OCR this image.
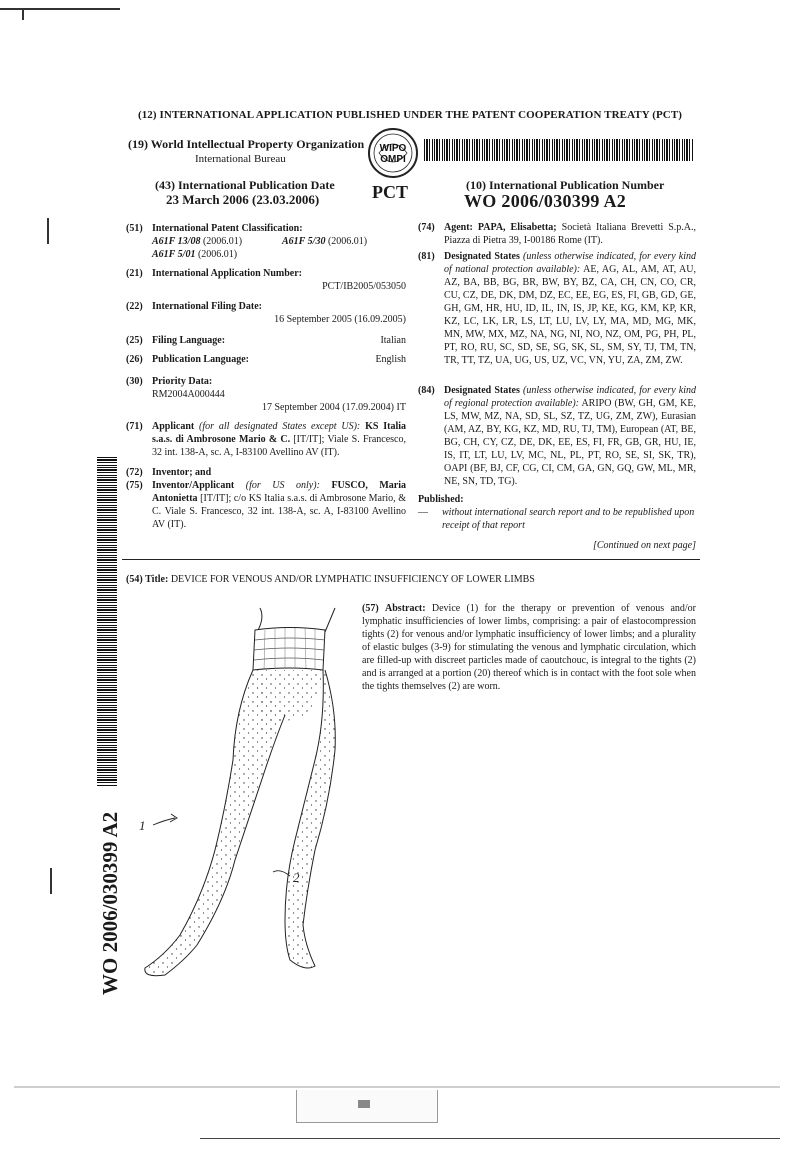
(12) INTERNATIONAL APPLICATION PUBLISHED UNDER THE PATENT COOPERATION TREATY (PCT)
(19) World Intellectual Property Organization
International Bureau
WIPO
OMPI
(43) International Publication Date
23 March 2006 (23.03.2006)	PCT	(10) International Publication Number
WO 2006/030399 A2
(51) International Patent Classification:
A61F 13/08 (2006.01)	A61F 5/30 (2006.01)
A61F 5/01 (2006.01)
(21) International Application Number:
PCT/IB2005/053050
(22) International Filing Date:
16 September 2005 (16.09.2005)
(25) Filing Language:	Italian
(26) Publication Language:	English
(30) Priority Data:
RM2004A000444
17 September 2004 (17.09.2004) IT
(71) Applicant (for all designated States except US): KS Italia s.a.s. di Ambrosone Mario & C. [IT/IT]; Viale S. Francesco, 32 int. 138-A, sc. A, I-83100 Avellino AV (IT).
(72) Inventor; and
(75) Inventor/Applicant (for US only): FUSCO, Maria Antonietta [IT/IT]; c/o KS Italia s.a.s. di Ambrosone Mario, & C. Viale S. Francesco, 32 int. 138-A, sc. A, I-83100 Avellino AV (IT).
(74) Agent: PAPA, Elisabetta; Società Italiana Brevetti S.p.A., Piazza di Pietra 39, I-00186 Rome (IT).
(81) Designated States (unless otherwise indicated, for every kind of national protection available): AE, AG, AL, AM, AT, AU, AZ, BA, BB, BG, BR, BW, BY, BZ, CA, CH, CN, CO, CR, CU, CZ, DE, DK, DM, DZ, EC, EE, EG, ES, FI, GB, GD, GE, GH, GM, HR, HU, ID, IL, IN, IS, JP, KE, KG, KM, KP, KR, KZ, LC, LK, LR, LS, LT, LU, LV, LY, MA, MD, MG, MK, MN, MW, MX, MZ, NA, NG, NI, NO, NZ, OM, PG, PH, PL, PT, RO, RU, SC, SD, SE, SG, SK, SL, SM, SY, TJ, TM, TN, TR, TT, TZ, UA, UG, US, UZ, VC, VN, YU, ZA, ZM, ZW.
(84) Designated States (unless otherwise indicated, for every kind of regional protection available): ARIPO (BW, GH, GM, KE, LS, MW, MZ, NA, SD, SL, SZ, TZ, UG, ZM, ZW), Eurasian (AM, AZ, BY, KG, KZ, MD, RU, TJ, TM), European (AT, BE, BG, CH, CY, CZ, DE, DK, EE, ES, FI, FR, GB, GR, HU, IE, IS, IT, LT, LU, LV, MC, NL, PL, PT, RO, SE, SI, SK, TR), OAPI (BF, BJ, CF, CG, CI, CM, GA, GN, GQ, GW, ML, MR, NE, SN, TD, TG).
Published:
— without international search report and to be republished upon receipt of that report
[Continued on next page]
(54) Title: DEVICE FOR VENOUS AND/OR LYMPHATIC INSUFFICIENCY OF LOWER LIMBS
(57) Abstract: Device (1) for the therapy or prevention of venous and/or lymphatic insufficiencies of lower limbs, comprising: a pair of elastocompression tights (2) for venous and/or lymphatic insufficiency of lower limbs; and a plurality of elastic bulges (3-9) for stimulating the venous and lymphatic circulation, which are filled-up with discreet particles made of caoutchouc, is integral to the tights (2) and is arranged at a portion (20) thereof which is in contact with the foot sole when the tights themselves (2) are worn.
WO 2006/030399 A2 1
2
